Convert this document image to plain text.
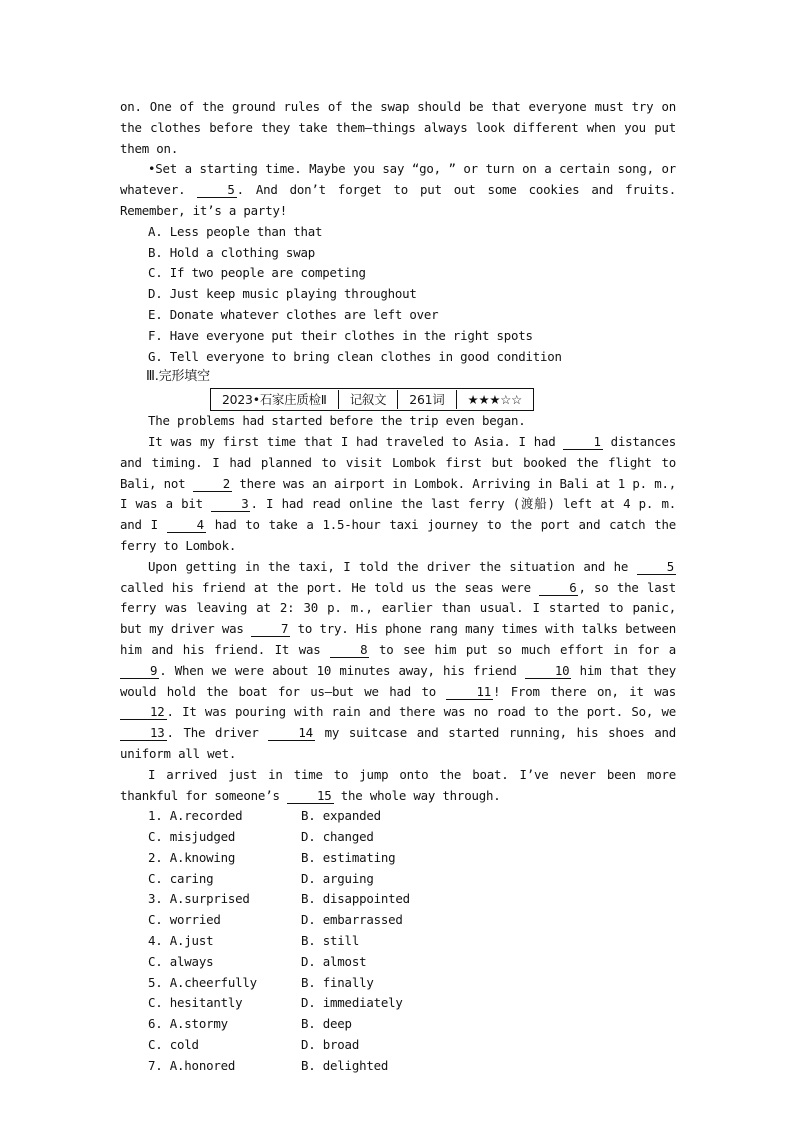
on. One of the ground rules of the swap should be that everyone must try on the clothes before they take them—things always look different when you put them on.

•Set a starting time. Maybe you say “go, ” or turn on a certain song, or whatever.	5 . And don’t forget to put out some cookies and fruits. Remember, it’s a party!

A. Less people than that

B. Hold a clothing swap

C. If two people are competing

D. Just keep music playing throughout

E. Donate whatever clothes are left over

F. Have everyone put their clothes in the right spots

G. Tell everyone to bring clean clothes in good condition

Ⅲ.完形填空

2023•石家庄质检Ⅱ	记叙文	261词	★★★☆☆

The problems had started before the trip even began.

It was my first time that I had traveled to Asia. I had 1 distances and timing. I had planned to visit Lombok first but booked the flight to Bali, not 2 there was an airport in Lombok. Arriving in Bali at 1 p. m., I was a bit 3 . I had read online the last ferry (渡船) left at 4 p. m. and I 4 had to take a 1.5-hour taxi journey to the port and catch the ferry to Lombok.

Upon getting in the taxi, I told the driver the situation and he 5 called his friend at the port. He told us the seas were 6 , so the last ferry was leaving at 2: 30 p. m., earlier than usual. I started to panic, but my driver was 7 to try. His phone rang many times with talks between him and his friend. It was 8 to see him put so much effort in for a 9 . When we were about 10 minutes away, his friend 10 him that they would hold the boat for us—but we had to 11 ! From there on, it was 12 . It was pouring with rain and there was no road to the port. So, we 13 . The driver 14 my suitcase and started running, his shoes and uniform all wet.

I arrived just in time to jump onto the boat. I’ve never been more thankful for someone’s 15 the whole way through.

1. A.recorded	B. expanded
C. misjudged	D. changed
2. A.knowing	B. estimating
C. caring	D. arguing
3. A.surprised	B. disappointed
C. worried	D. embarrassed
4. A.just	B. still
C. always	D. almost
5. A.cheerfully	B. finally
C. hesitantly	D. immediately
6. A.stormy	B. deep
C. cold	D. broad
7. A.honored	B. delighted
